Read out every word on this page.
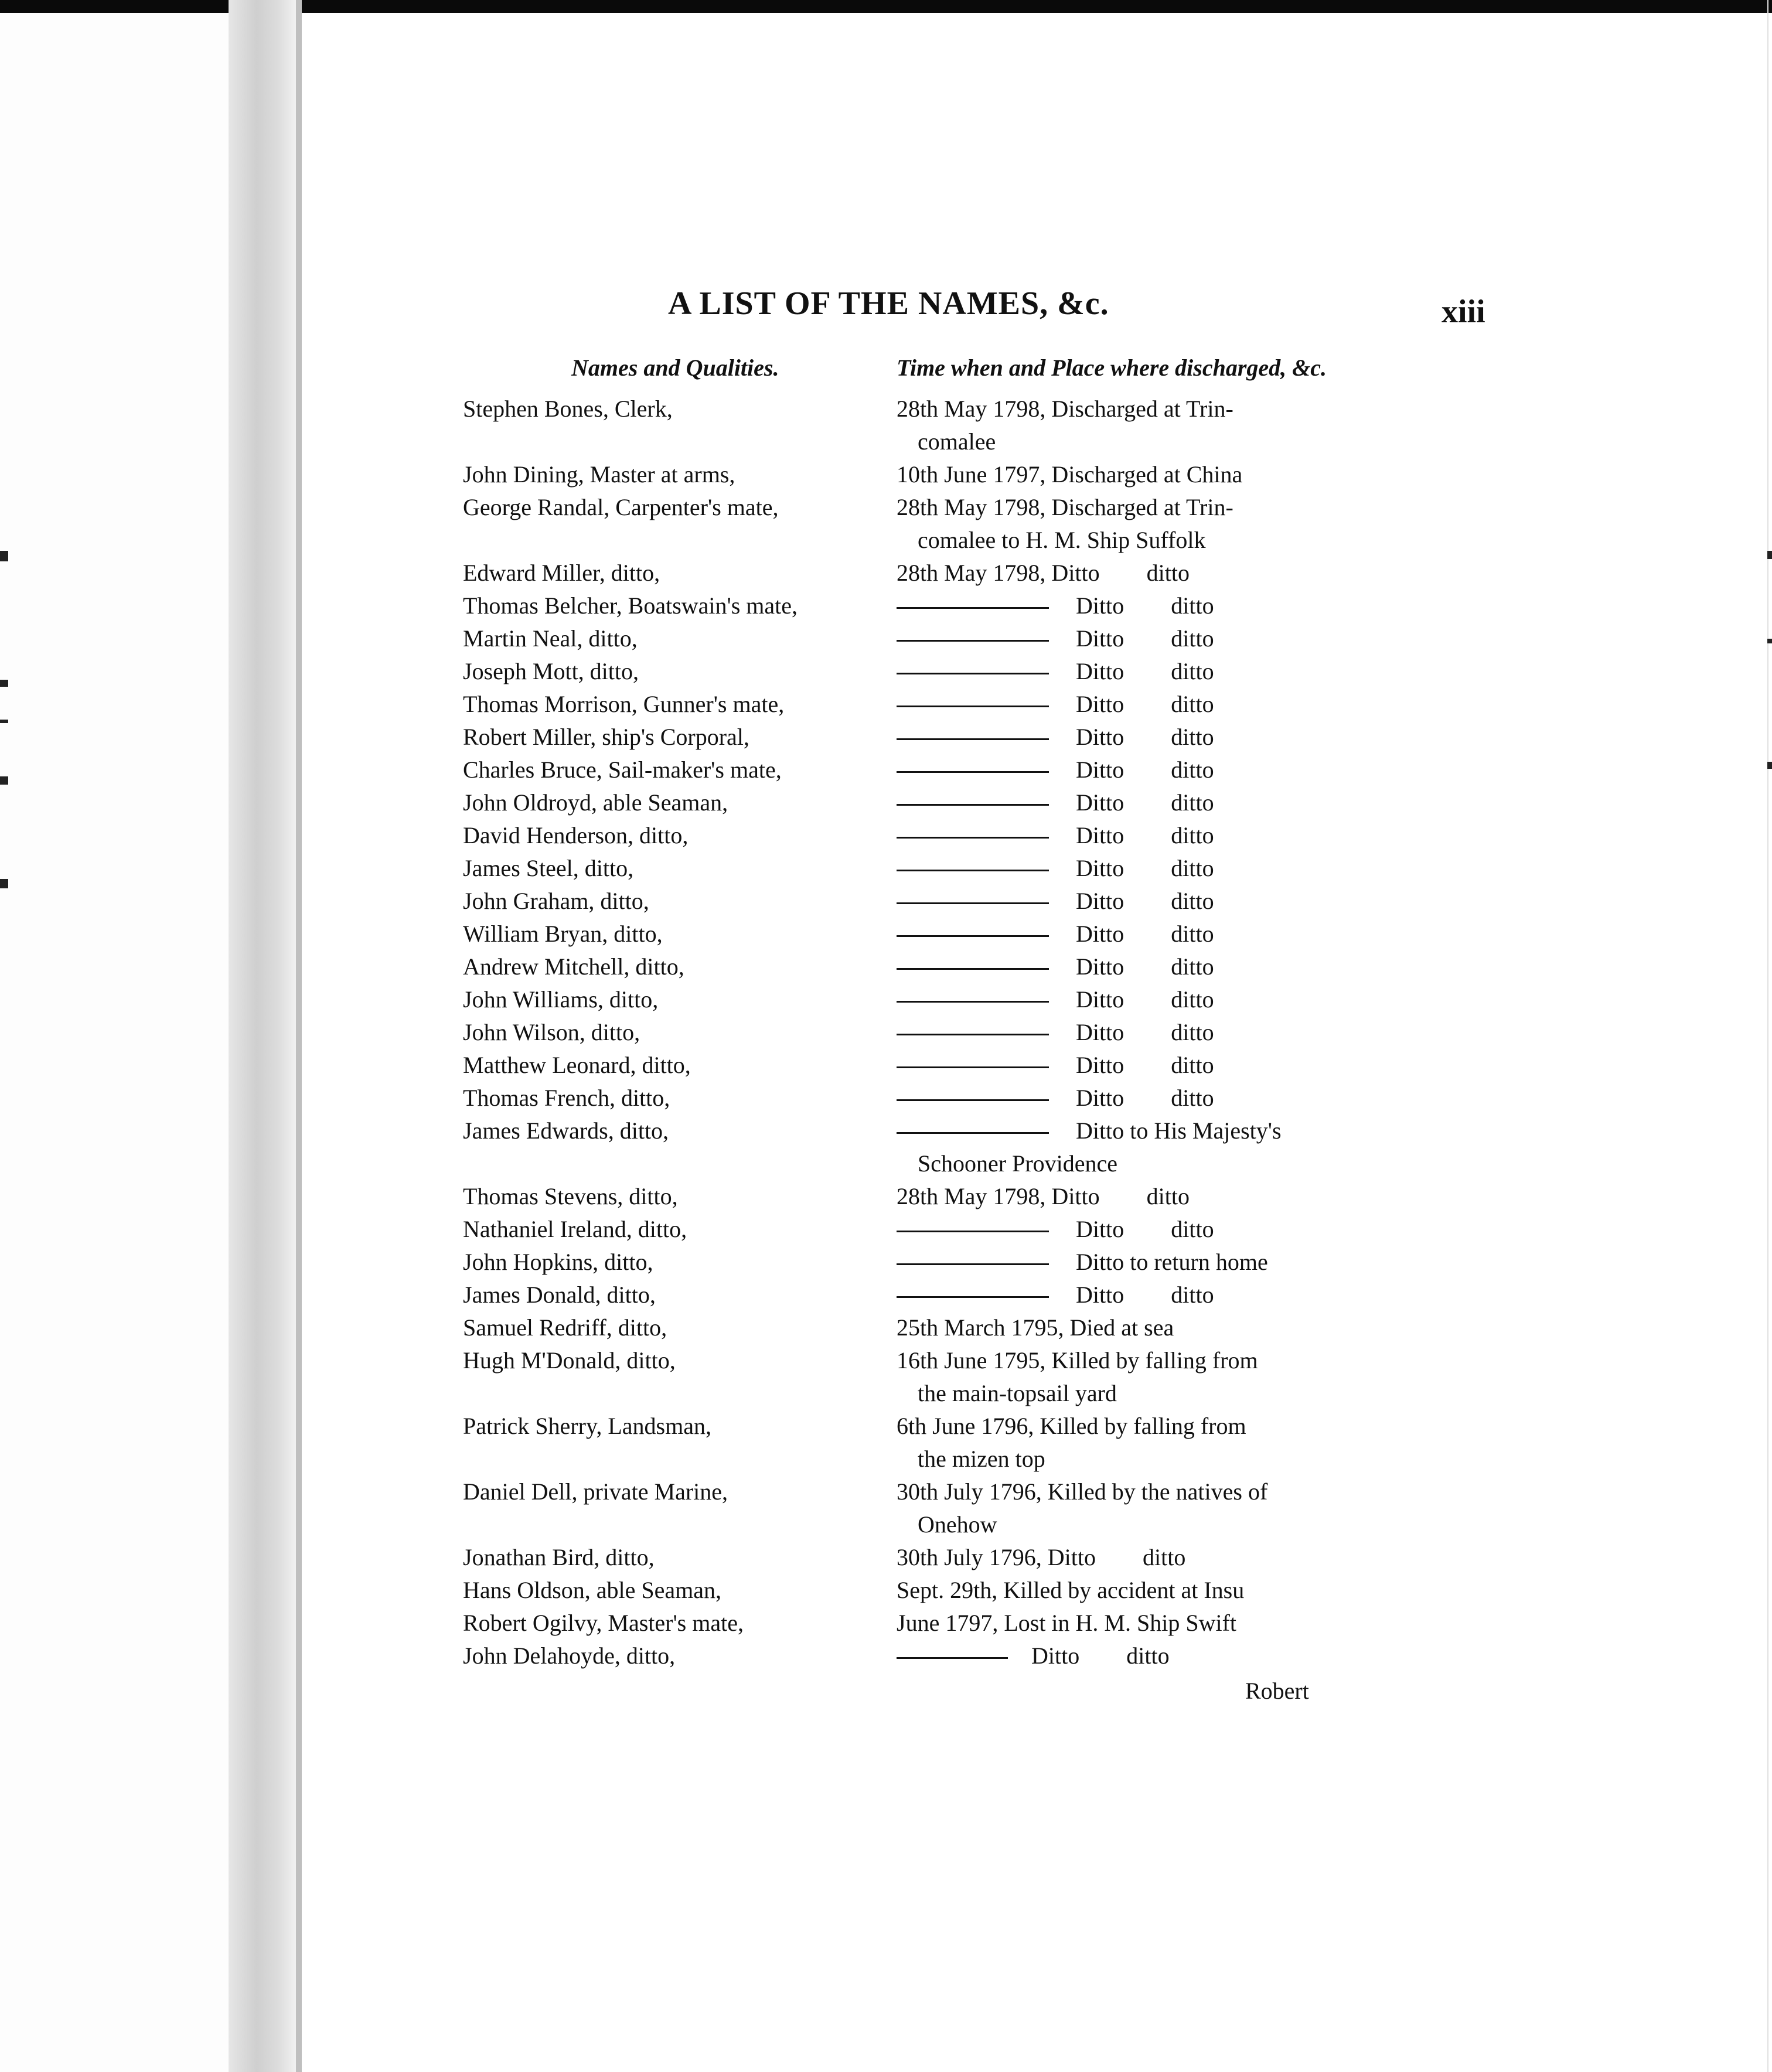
A LIST OF THE NAMES, &c.	xiii
Names and Qualities.	Time when and Place where discharged, &c.
Stephen Bones, Clerk,	28th May 1798, Discharged at Trin-
comalee
John Dining, Master at arms,	10th June 1797, Discharged at China
George Randal, Carpenter's mate,	28th May 1798, Discharged at Trin-
comalee to H. M. Ship Suffolk
Edward Miller, ditto,	28th May 1798, Ditto ditto
Thomas Belcher, Boatswain's mate,	Ditto ditto
Martin Neal, ditto,	Ditto ditto
Joseph Mott, ditto,	Ditto ditto
Thomas Morrison, Gunner's mate,	Ditto ditto
Robert Miller, ship's Corporal,	Ditto ditto
Charles Bruce, Sail-maker's mate,	Ditto ditto
John Oldroyd, able Seaman,	Ditto ditto
David Henderson, ditto,	Ditto ditto
James Steel, ditto,	Ditto ditto
John Graham, ditto,	Ditto ditto
William Bryan, ditto,	Ditto ditto
Andrew Mitchell, ditto,	Ditto ditto
John Williams, ditto,	Ditto ditto
John Wilson, ditto,	Ditto ditto
Matthew Leonard, ditto,	Ditto ditto
Thomas French, ditto,	Ditto ditto
James Edwards, ditto,	Ditto to His Majesty's
Schooner Providence
Thomas Stevens, ditto,	28th May 1798, Ditto ditto
Nathaniel Ireland, ditto,	Ditto ditto
John Hopkins, ditto,	Ditto to return home
James Donald, ditto,	Ditto ditto
Samuel Redriff, ditto,	25th March 1795, Died at sea
Hugh M'Donald, ditto,	16th June 1795, Killed by falling from
the main-topsail yard
Patrick Sherry, Landsman,	6th June 1796, Killed by falling from
the mizen top
Daniel Dell, private Marine,	30th July 1796, Killed by the natives of
Onehow
Jonathan Bird, ditto,	30th July 1796, Ditto ditto
Hans Oldson, able Seaman,	Sept. 29th, Killed by accident at Insu
Robert Ogilvy, Master's mate,	June 1797, Lost in H. M. Ship Swift
John Delahoyde, ditto,	Ditto ditto
Robert
